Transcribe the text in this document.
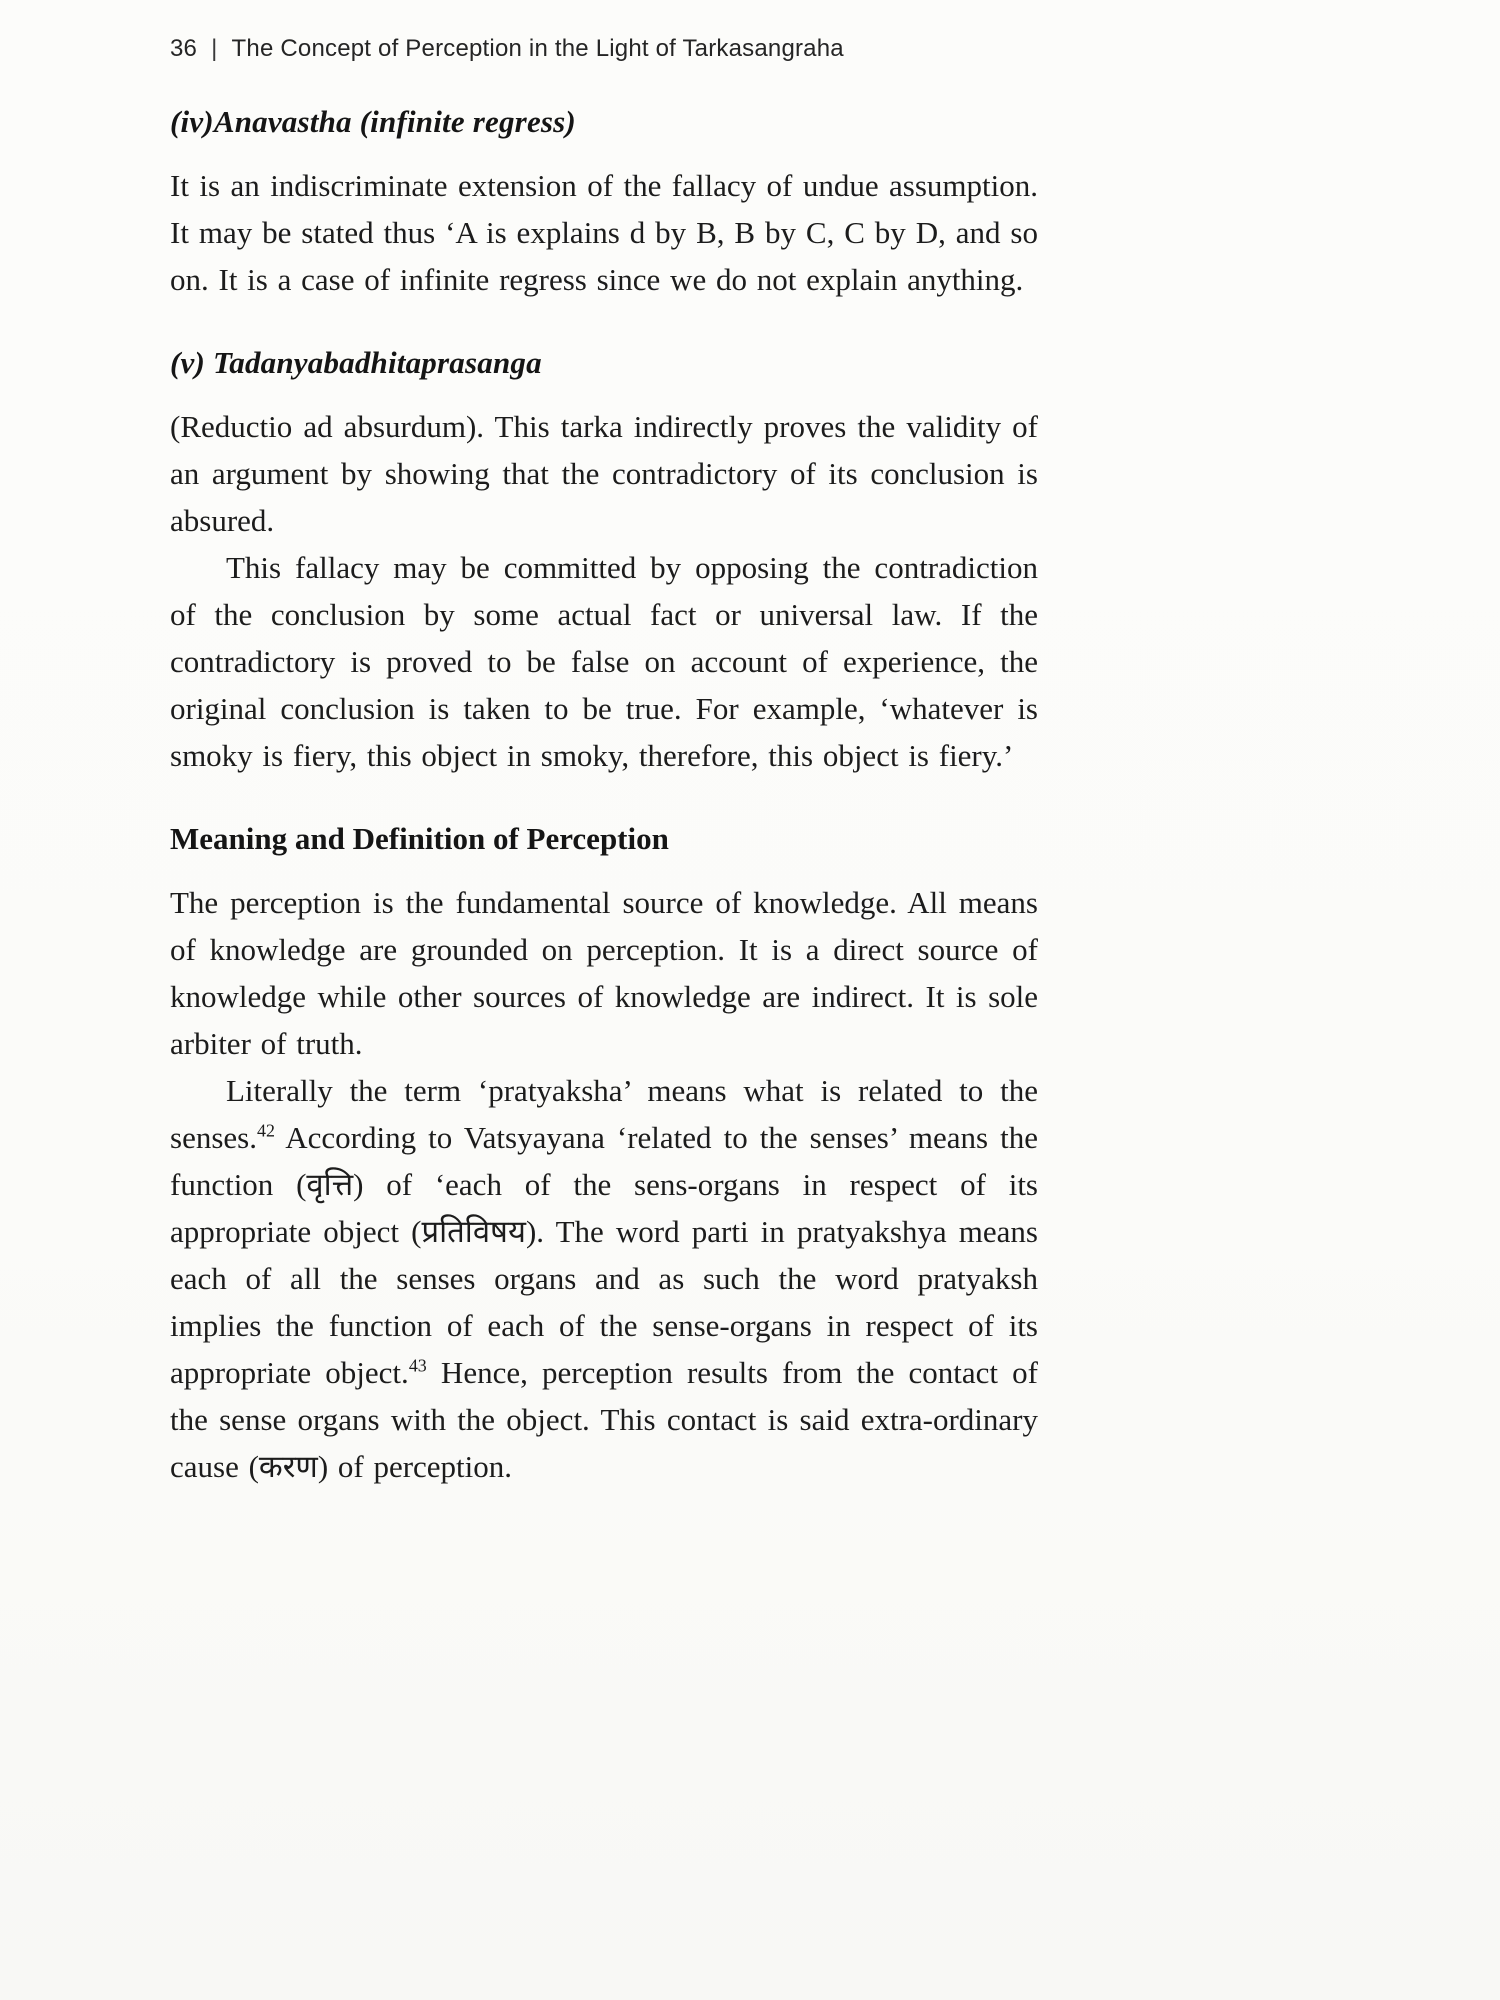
36 | The Concept of Perception in the Light of Tarkasangraha
(iv)Anavastha (infinite regress)

It is an indiscriminate extension of the fallacy of undue assumption. It may be stated thus ‘A is explains d by B, B by C, C by D, and so on. It is a case of infinite regress since we do not explain anything.

(v) Tadanyabadhitaprasanga

(Reductio ad absurdum). This tarka indirectly proves the validity of an argument by showing that the contradictory of its conclusion is absured.

This fallacy may be committed by opposing the contradiction of the conclusion by some actual fact or universal law. If the contradictory is proved to be false on account of experience, the original conclusion is taken to be true. For example, ‘whatever is smoky is fiery, this object in smoky, therefore, this object is fiery.’

Meaning and Definition of Perception

The perception is the fundamental source of knowledge. All means of knowledge are grounded on perception. It is a direct source of knowledge while other sources of knowledge are indirect. It is sole arbiter of truth.

Literally the term ‘pratyaksha’ means what is related to the senses.$^{42}$ According to Vatsyayana ‘related to the senses’ means the function (वृत्ति) of ‘each of the sens-organs in respect of its appropriate object (प्रतिविषय). The word parti in pratyakshya means each of all the senses organs and as such the word pratyaksh implies the function of each of the sense-organs in respect of its appropriate object.$^{43}$ Hence, perception results from the contact of the sense organs with the object. This contact is said extra-ordinary cause (करण) of perception.
